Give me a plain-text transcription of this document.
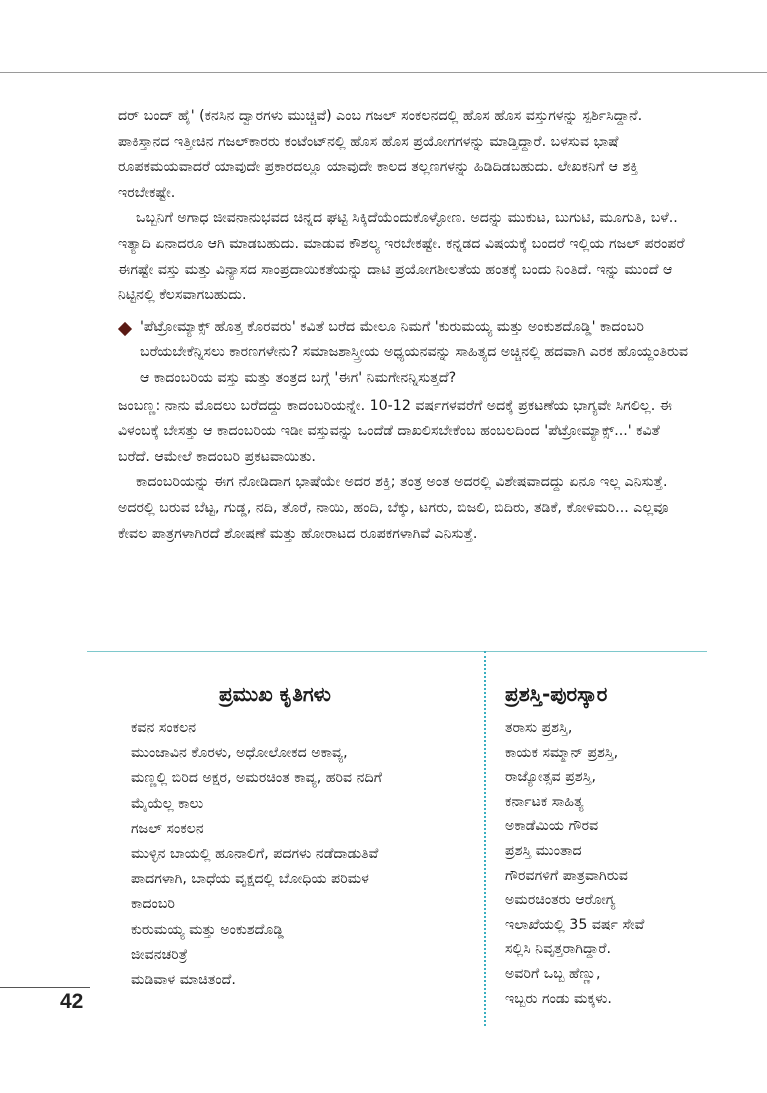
ದರ್ ಬಂದ್ ಹೈ' (ಕನಸಿನ ದ್ವಾರಗಳು ಮುಚ್ಚಿವೆ) ಎಂಬ ಗಜಲ್ ಸಂಕಲನದಲ್ಲಿ ಹೊಸ ಹೊಸ ವಸ್ತುಗಳನ್ನು ಸ್ಪರ್ಶಿಸಿದ್ದಾನೆ. ಪಾಕಿಸ್ತಾನದ ಇತ್ತೀಚಿನ ಗಜಲ್‌ಕಾರರು ಕಂಟೆಂಟ್‌ನಲ್ಲಿ ಹೊಸ ಹೊಸ ಪ್ರಯೋಗಗಳನ್ನು ಮಾಡ್ತಿದ್ದಾರೆ. ಬಳಸುವ ಭಾಷೆ ರೂಪಕಮಯವಾದರೆ ಯಾವುದೇ ಪ್ರಕಾರದಲ್ಲೂ ಯಾವುದೇ ಕಾಲದ ತಲ್ಲಣಗಳನ್ನು ಹಿಡಿದಿಡಬಹುದು. ಲೇಖಕನಿಗೆ ಆ ಶಕ್ತಿ ಇರಬೇಕಷ್ಟೇ.

ಒಬ್ಬನಿಗೆ ಅಗಾಧ ಜೀವನಾನುಭವದ ಚಿನ್ನದ ಘಟ್ಟಿ ಸಿಕ್ಕಿದೆಯೆಂದುಕೊಳ್ಳೋಣ. ಅದನ್ನು ಮುಕುಟ, ಬುಗುಟಿ, ಮೂಗುತಿ, ಬಳೆ.. ಇತ್ಯಾದಿ ಏನಾದರೂ ಆಗಿ ಮಾಡಬಹುದು. ಮಾಡುವ ಕೌಶಲ್ಯ ಇರಬೇಕಷ್ಟೇ. ಕನ್ನಡದ ವಿಷಯಕ್ಕೆ ಬಂದರೆ ಇಲ್ಲಿಯ ಗಜಲ್ ಪರಂಪರೆ ಈಗಷ್ಟೇ ವಸ್ತು ಮತ್ತು ವಿನ್ಯಾಸದ ಸಾಂಪ್ರದಾಯಿಕತೆಯನ್ನು ದಾಟಿ ಪ್ರಯೋಗಶೀಲತೆಯ ಹಂತಕ್ಕೆ ಬಂದು ನಿಂತಿದೆ. ಇನ್ನು ಮುಂದೆ ಆ ನಿಟ್ಟಿನಲ್ಲಿ ಕೆಲಸವಾಗಬಹುದು.

'ಪೆಟ್ರೋಮ್ಯಾಕ್ಸ್ ಹೊತ್ತ ಕೊರವರು' ಕವಿತೆ ಬರೆದ ಮೇಲೂ ನಿಮಗೆ 'ಕುರುಮಯ್ಯ ಮತ್ತು ಅಂಕುಶದೊಡ್ಡಿ' ಕಾದಂಬರಿ ಬರೆಯಬೇಕೆನ್ನಿಸಲು ಕಾರಣಗಳೇನು? ಸಮಾಜಶಾಸ್ತ್ರೀಯ ಅಧ್ಯಯನವನ್ನು ಸಾಹಿತ್ಯದ ಅಚ್ಚಿನಲ್ಲಿ ಹದವಾಗಿ ಎರಕ ಹೊಯ್ದಂತಿರುವ ಆ ಕಾದಂಬರಿಯ ವಸ್ತು ಮತ್ತು ತಂತ್ರದ ಬಗ್ಗೆ 'ಈಗ' ನಿಮಗೇನನ್ನಿಸುತ್ತದೆ?

ಜಂಬಣ್ಣ: ನಾನು ಮೊದಲು ಬರೆದದ್ದು ಕಾದಂಬರಿಯನ್ನೇ. 10-12 ವರ್ಷಗಳವರೆಗೆ ಅದಕ್ಕೆ ಪ್ರಕಟಣೆಯ ಭಾಗ್ಯವೇ ಸಿಗಲಿಲ್ಲ. ಈ ವಿಳಂಬಕ್ಕೆ ಬೇಸತ್ತು ಆ ಕಾದಂಬರಿಯ ಇಡೀ ವಸ್ತುವನ್ನು ಒಂದೆಡೆ ದಾಖಲಿಸಬೇಕೆಂಬ ಹಂಬಲದಿಂದ 'ಪೆಟ್ರೋಮ್ಯಾಕ್ಸ್...' ಕವಿತೆ ಬರೆದೆ. ಆಮೇಲೆ ಕಾದಂಬರಿ ಪ್ರಕಟವಾಯಿತು.

ಕಾದಂಬರಿಯನ್ನು ಈಗ ನೋಡಿದಾಗ ಭಾಷೆಯೇ ಅದರ ಶಕ್ತಿ; ತಂತ್ರ ಅಂತ ಅದರಲ್ಲಿ ವಿಶೇಷವಾದದ್ದು ಏನೂ ಇಲ್ಲ ಎನಿಸುತ್ತೆ. ಅದರಲ್ಲಿ ಬರುವ ಬೆಟ್ಟ, ಗುಡ್ಡ, ನದಿ, ತೊರೆ, ನಾಯಿ, ಹಂದಿ, ಬೆಕ್ಕು, ಟಗರು, ಬಿಜಲಿ, ಬಿದಿರು, ತಡಿಕೆ, ಕೋಳಿಮರಿ... ಎಲ್ಲವೂ ಕೇವಲ ಪಾತ್ರಗಳಾಗಿರದೆ ಶೋಷಣೆ ಮತ್ತು ಹೋರಾಟದ ರೂಪಕಗಳಾಗಿವೆ ಎನಿಸುತ್ತೆ.

ಪ್ರಮುಖ ಕೃತಿಗಳು
ಕವನ ಸಂಕಲನ
ಮುಂಜಾವಿನ ಕೊರಳು, ಅಧೋಲೋಕದ ಅಕಾವ್ಯ,
ಮಣ್ಣಲ್ಲಿ ಬಿರಿದ ಅಕ್ಷರ, ಅಮರಚಿಂತ ಕಾವ್ಯ, ಹರಿವ ನದಿಗೆ
ಮೈಯೆಲ್ಲ ಕಾಲು
ಗಜಲ್ ಸಂಕಲನ
ಮುಳ್ಳಿನ ಬಾಯಲ್ಲಿ ಹೂನಾಲಿಗೆ, ಪದಗಳು ನಡೆದಾಡುತಿವೆ
ಪಾದಗಳಾಗಿ, ಬಾಧೆಯ ವೃಕ್ಷದಲ್ಲಿ ಬೋಧಿಯ ಪರಿಮಳ
ಕಾದಂಬರಿ
ಕುರುಮಯ್ಯ ಮತ್ತು ಅಂಕುಶದೊಡ್ಡಿ
ಜೀವನಚರಿತ್ರೆ
ಮಡಿವಾಳ ಮಾಚಿತಂದೆ.
ಪ್ರಶಸ್ತಿ-ಪುರಸ್ಕಾರ
ತರಾಸು ಪ್ರಶಸ್ತಿ,
ಕಾಯಕ ಸಮ್ಮಾನ್ ಪ್ರಶಸ್ತಿ,
ರಾಜ್ಯೋತ್ಸವ ಪ್ರಶಸ್ತಿ,
ಕರ್ನಾಟಕ ಸಾಹಿತ್ಯ
ಅಕಾಡೆಮಿಯ ಗೌರವ
ಪ್ರಶಸ್ತಿ ಮುಂತಾದ
ಗೌರವಗಳಿಗೆ ಪಾತ್ರವಾಗಿರುವ
ಅಮರಚಿಂತರು ಆರೋಗ್ಯ
ಇಲಾಖೆಯಲ್ಲಿ 35 ವರ್ಷ ಸೇವೆ
ಸಲ್ಲಿಸಿ ನಿವೃತ್ತರಾಗಿದ್ದಾರೆ.
ಅವರಿಗೆ ಒಬ್ಬ ಹೆಣ್ಣು,
ಇಬ್ಬರು ಗಂಡು ಮಕ್ಕಳು.
42
